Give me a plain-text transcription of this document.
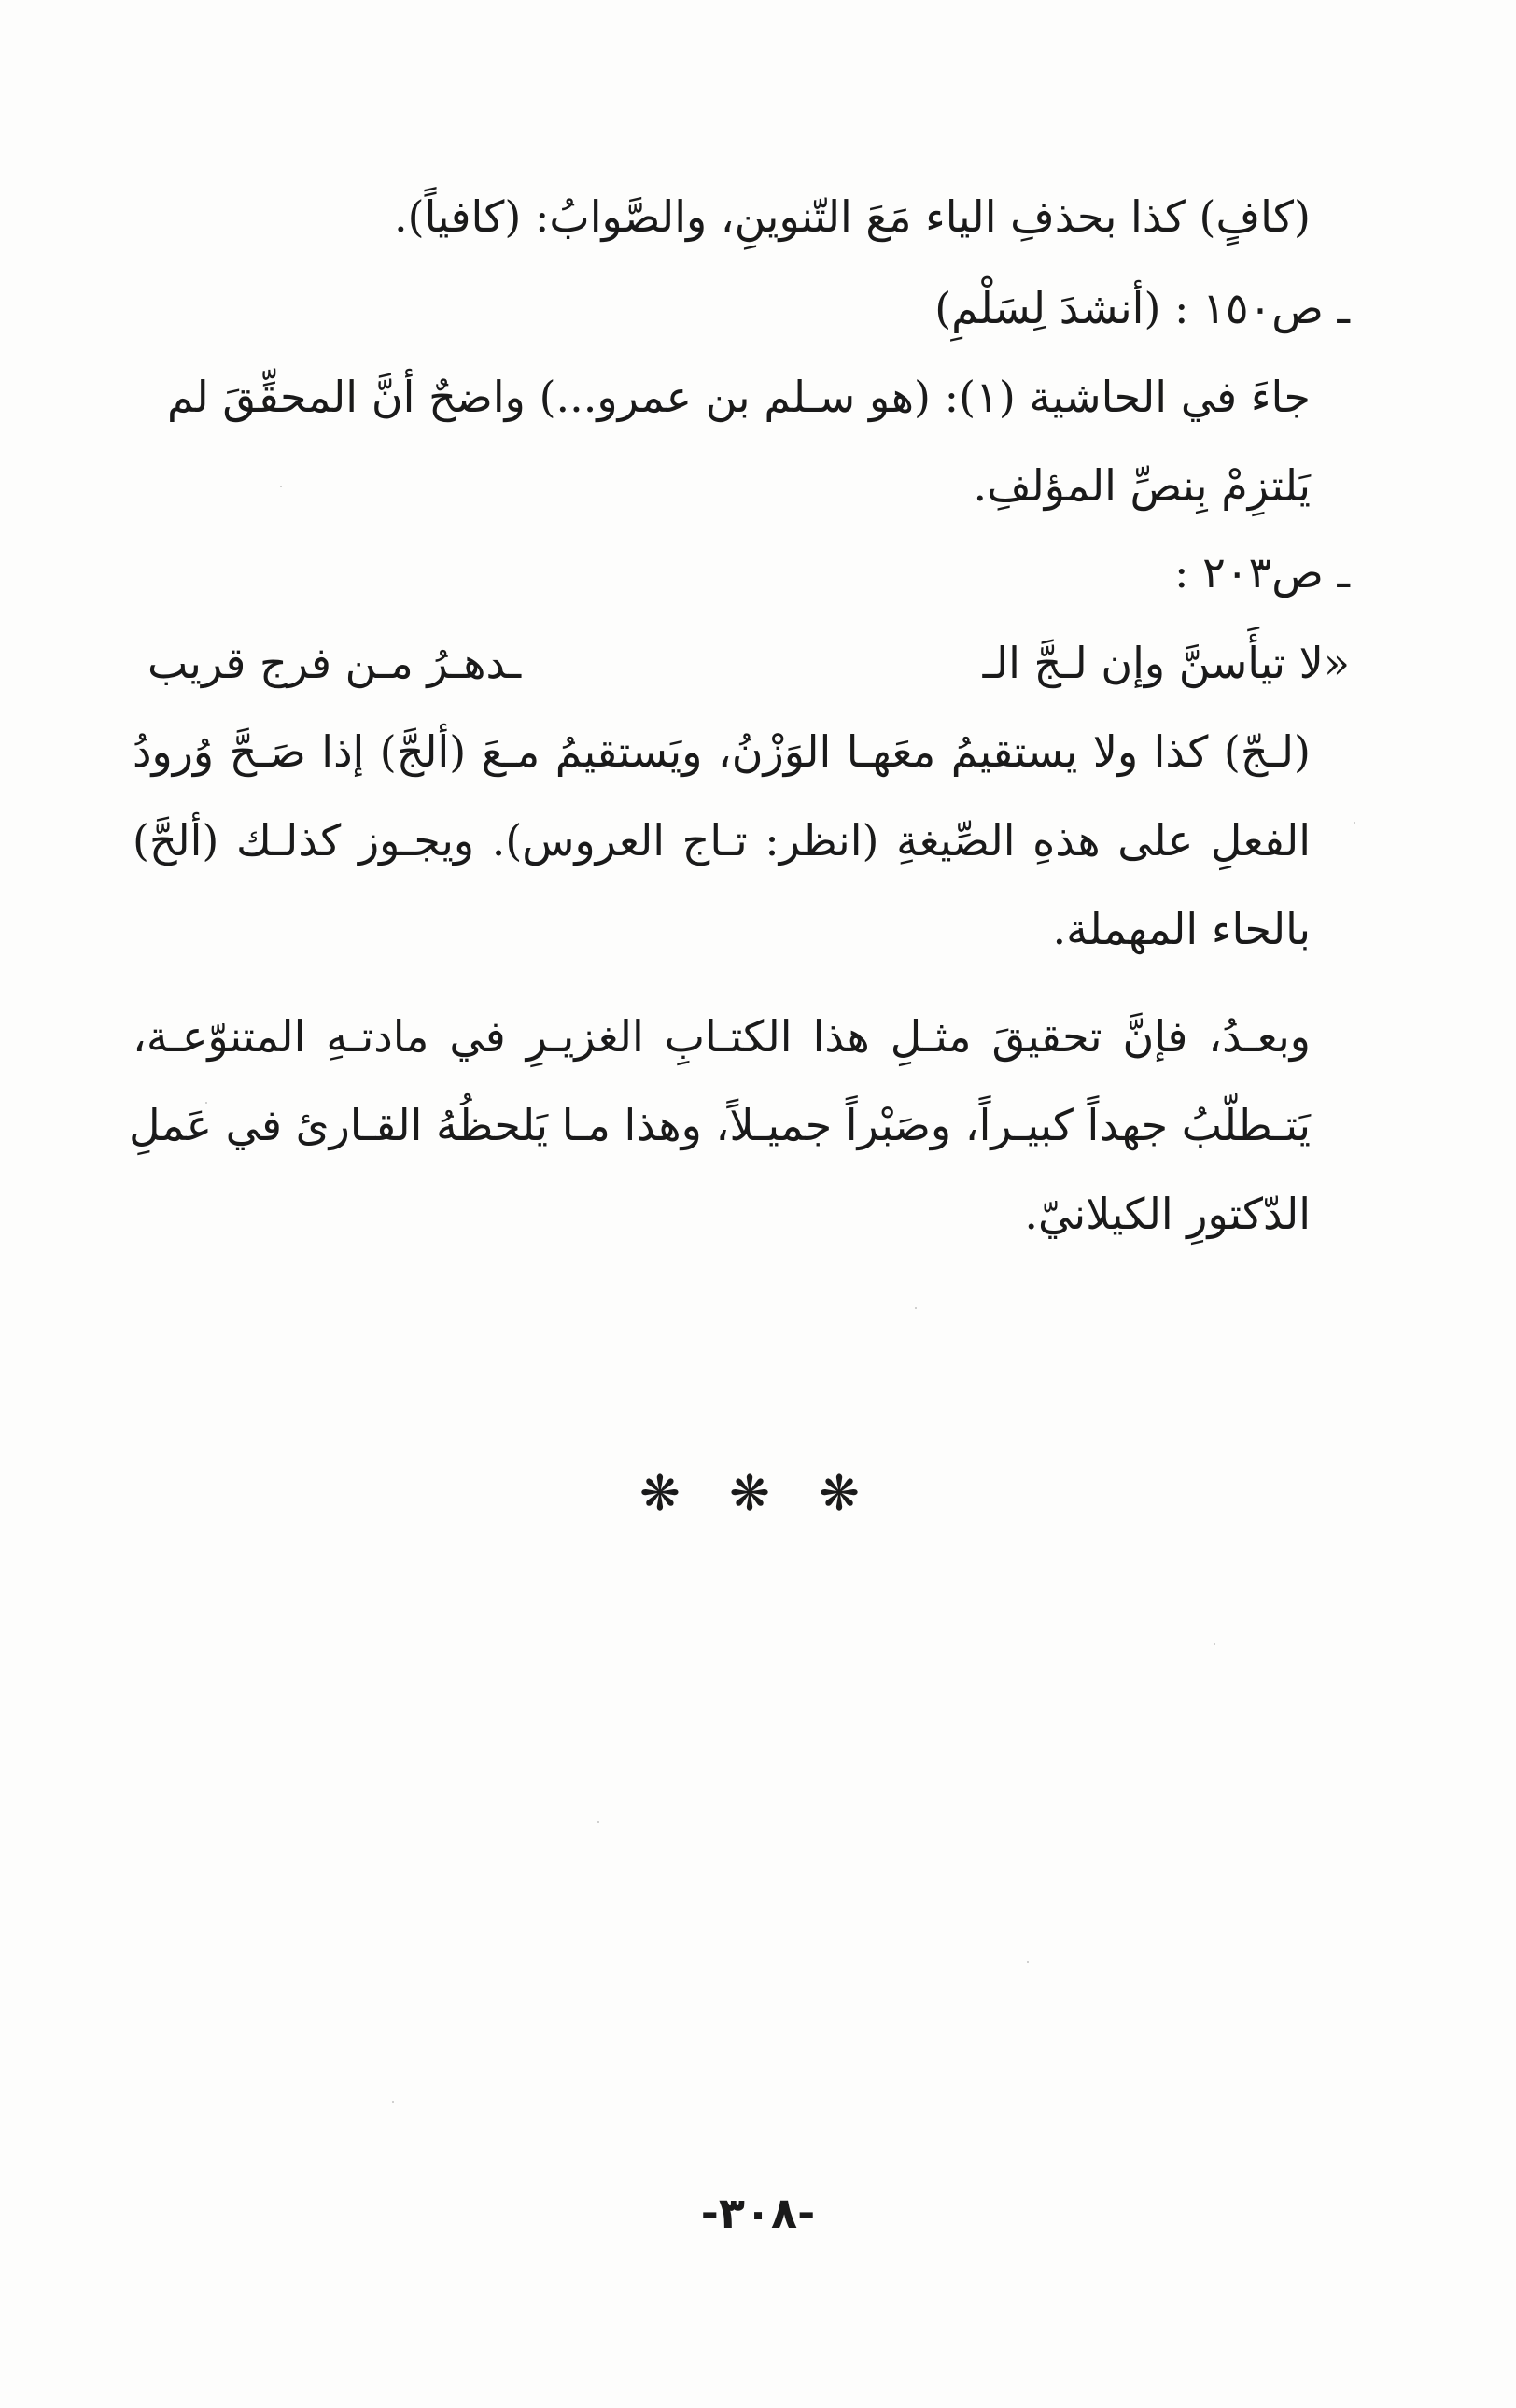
(كافٍ) كذا بحذفِ الياء مَعَ التّنوينِ، والصَّوابُ: (كافياً).
ـ ص١٥٠ : (أنشدَ لِسَلْمِ)
جاءَ في الحاشية (١): (هو سـلم بن عمرو...) واضحٌ أنَّ المحقِّقَ لم
يَلتزِمْ بِنصِّ المؤلفِ.
ـ ص٢٠٣ :
«لا تيأَسنَّ وإن لـجَّ الـ
ـدهـرُ مـن فرج قريب
(لـجّ) كذا ولا يستقيمُ معَهـا الوَزْنُ، ويَستقيمُ مـعَ (ألجَّ) إذا صَـحَّ وُرودُ
الفعلِ على هذهِ الصِّيغةِ (انظر: تـاج العروس). ويجـوز كذلـك (ألحَّ)
بالحاء المهملة.
وبعـدُ، فإنَّ تحقيقَ مثـلِ هذا الكتـابِ الغزيـرِ في مادتـهِ المتنوّعـة،
يَتـطلّبُ جهداً كبيـراً، وصَبْراً جميـلاً، وهذا مـا يَلحظُهُ القـارئ في عَملِ
الدّكتورِ الكيلانيّ.
❋ ❋ ❋
-٣٠٨-
